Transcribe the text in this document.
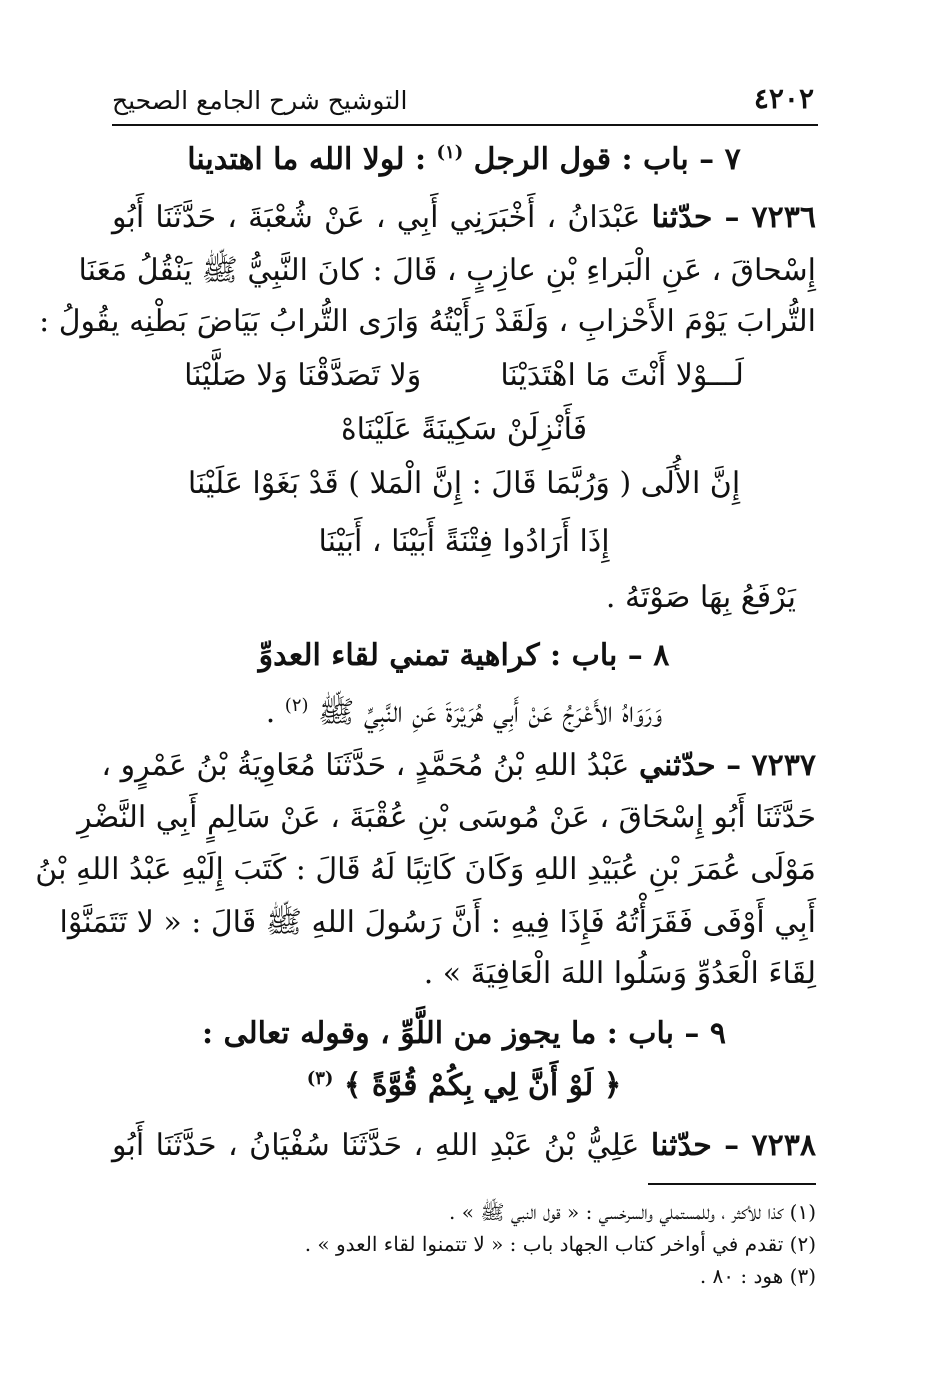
٤٢٠٢
التوشيح شرح الجامع الصحيح
٧ – باب : قول الرجل $^{(١)}$ : لولا الله ما اهتدينا
٧٢٣٦ – حدّثنا عَبْدَانُ ، أَخْبَرَنِي أَبِي ، عَنْ شُعْبَةَ ، حَدَّثَنَا أَبُو
إِسْحاقَ ، عَنِ الْبَراءِ بْنِ عازِبٍ ، قَالَ : كانَ النَّبِيُّ ﷺ يَنْقُلُ مَعَنَا
التُّرابَ يَوْمَ الأَحْزابِ ، وَلَقَدْ رَأَيْتُهُ وَارَى التُّرابُ بَيَاضَ بَطْنِه يقُولُ :
لَـــوْلا أَنْتَ مَا اهْتَدَيْنَا  وَلا تَصَدَّقْنَا وَلا صَلَّيْنَا
فَأَنْزِلَنْ سَكِينَةً عَلَيْنَاهْ
إِنَّ الأُلَى ( وَرُبَّمَا قَالَ : إِنَّ الْمَلا ) قَدْ بَغَوْا عَلَيْنَا
إِذَا أَرَادُوا فِتْنَةً أَبَيْنَا ، أَبَيْنَا
يَرْفَعُ بِهَا صَوْتَهُ .
٨ – باب : كراهية تمني لقاء العدوِّ
وَرَوَاهُ الأَعْرَجُ عَنْ أَبِي هُرَيْرَةَ عَنِ النَّبِيِّ ﷺ $^{(٢)}$ .
٧٢٣٧ – حدّثني عَبْدُ اللهِ بْنُ مُحَمَّدٍ ، حَدَّثَنَا مُعَاوِيَةُ بْنُ عَمْرٍو ،
حَدَّثَنَا أَبُو إِسْحَاقَ ، عَنْ مُوسَى بْنِ عُقْبَةَ ، عَنْ سَالِمٍ أَبِي النَّضْرِ
مَوْلَى عُمَرَ بْنِ عُبَيْدِ اللهِ وَكَانَ كَاتِبًا لَهُ قَالَ : كَتَبَ إِلَيْهِ عَبْدُ اللهِ بْنُ
أَبِي أَوْفَى فَقَرَأْتُهُ فَإِذَا فِيهِ : أَنَّ رَسُولَ اللهِ ﷺ قَالَ : « لا تَتَمَنَّوْا
لِقَاءَ الْعَدُوِّ وَسَلُوا اللهَ الْعَافِيَةَ » .
٩ – باب : ما يجوز من اللَّوِّ ، وقوله تعالى :
﴿ لَوْ أَنَّ لِي بِكُمْ قُوَّةً ﴾ $^{(٣)}$
٧٢٣٨ – حدّثنا عَلِيُّ بْنُ عَبْدِ اللهِ ، حَدَّثَنَا سُفْيَانُ ، حَدَّثَنَا أَبُو
(١) كذا للأكثر ، وللمستملي والسرخسي : « قول النبي ﷺ » .
(٢) تقدم في أواخر كتاب الجهاد باب : « لا تتمنوا لقاء العدو » .
(٣) هود : ٨٠ .
